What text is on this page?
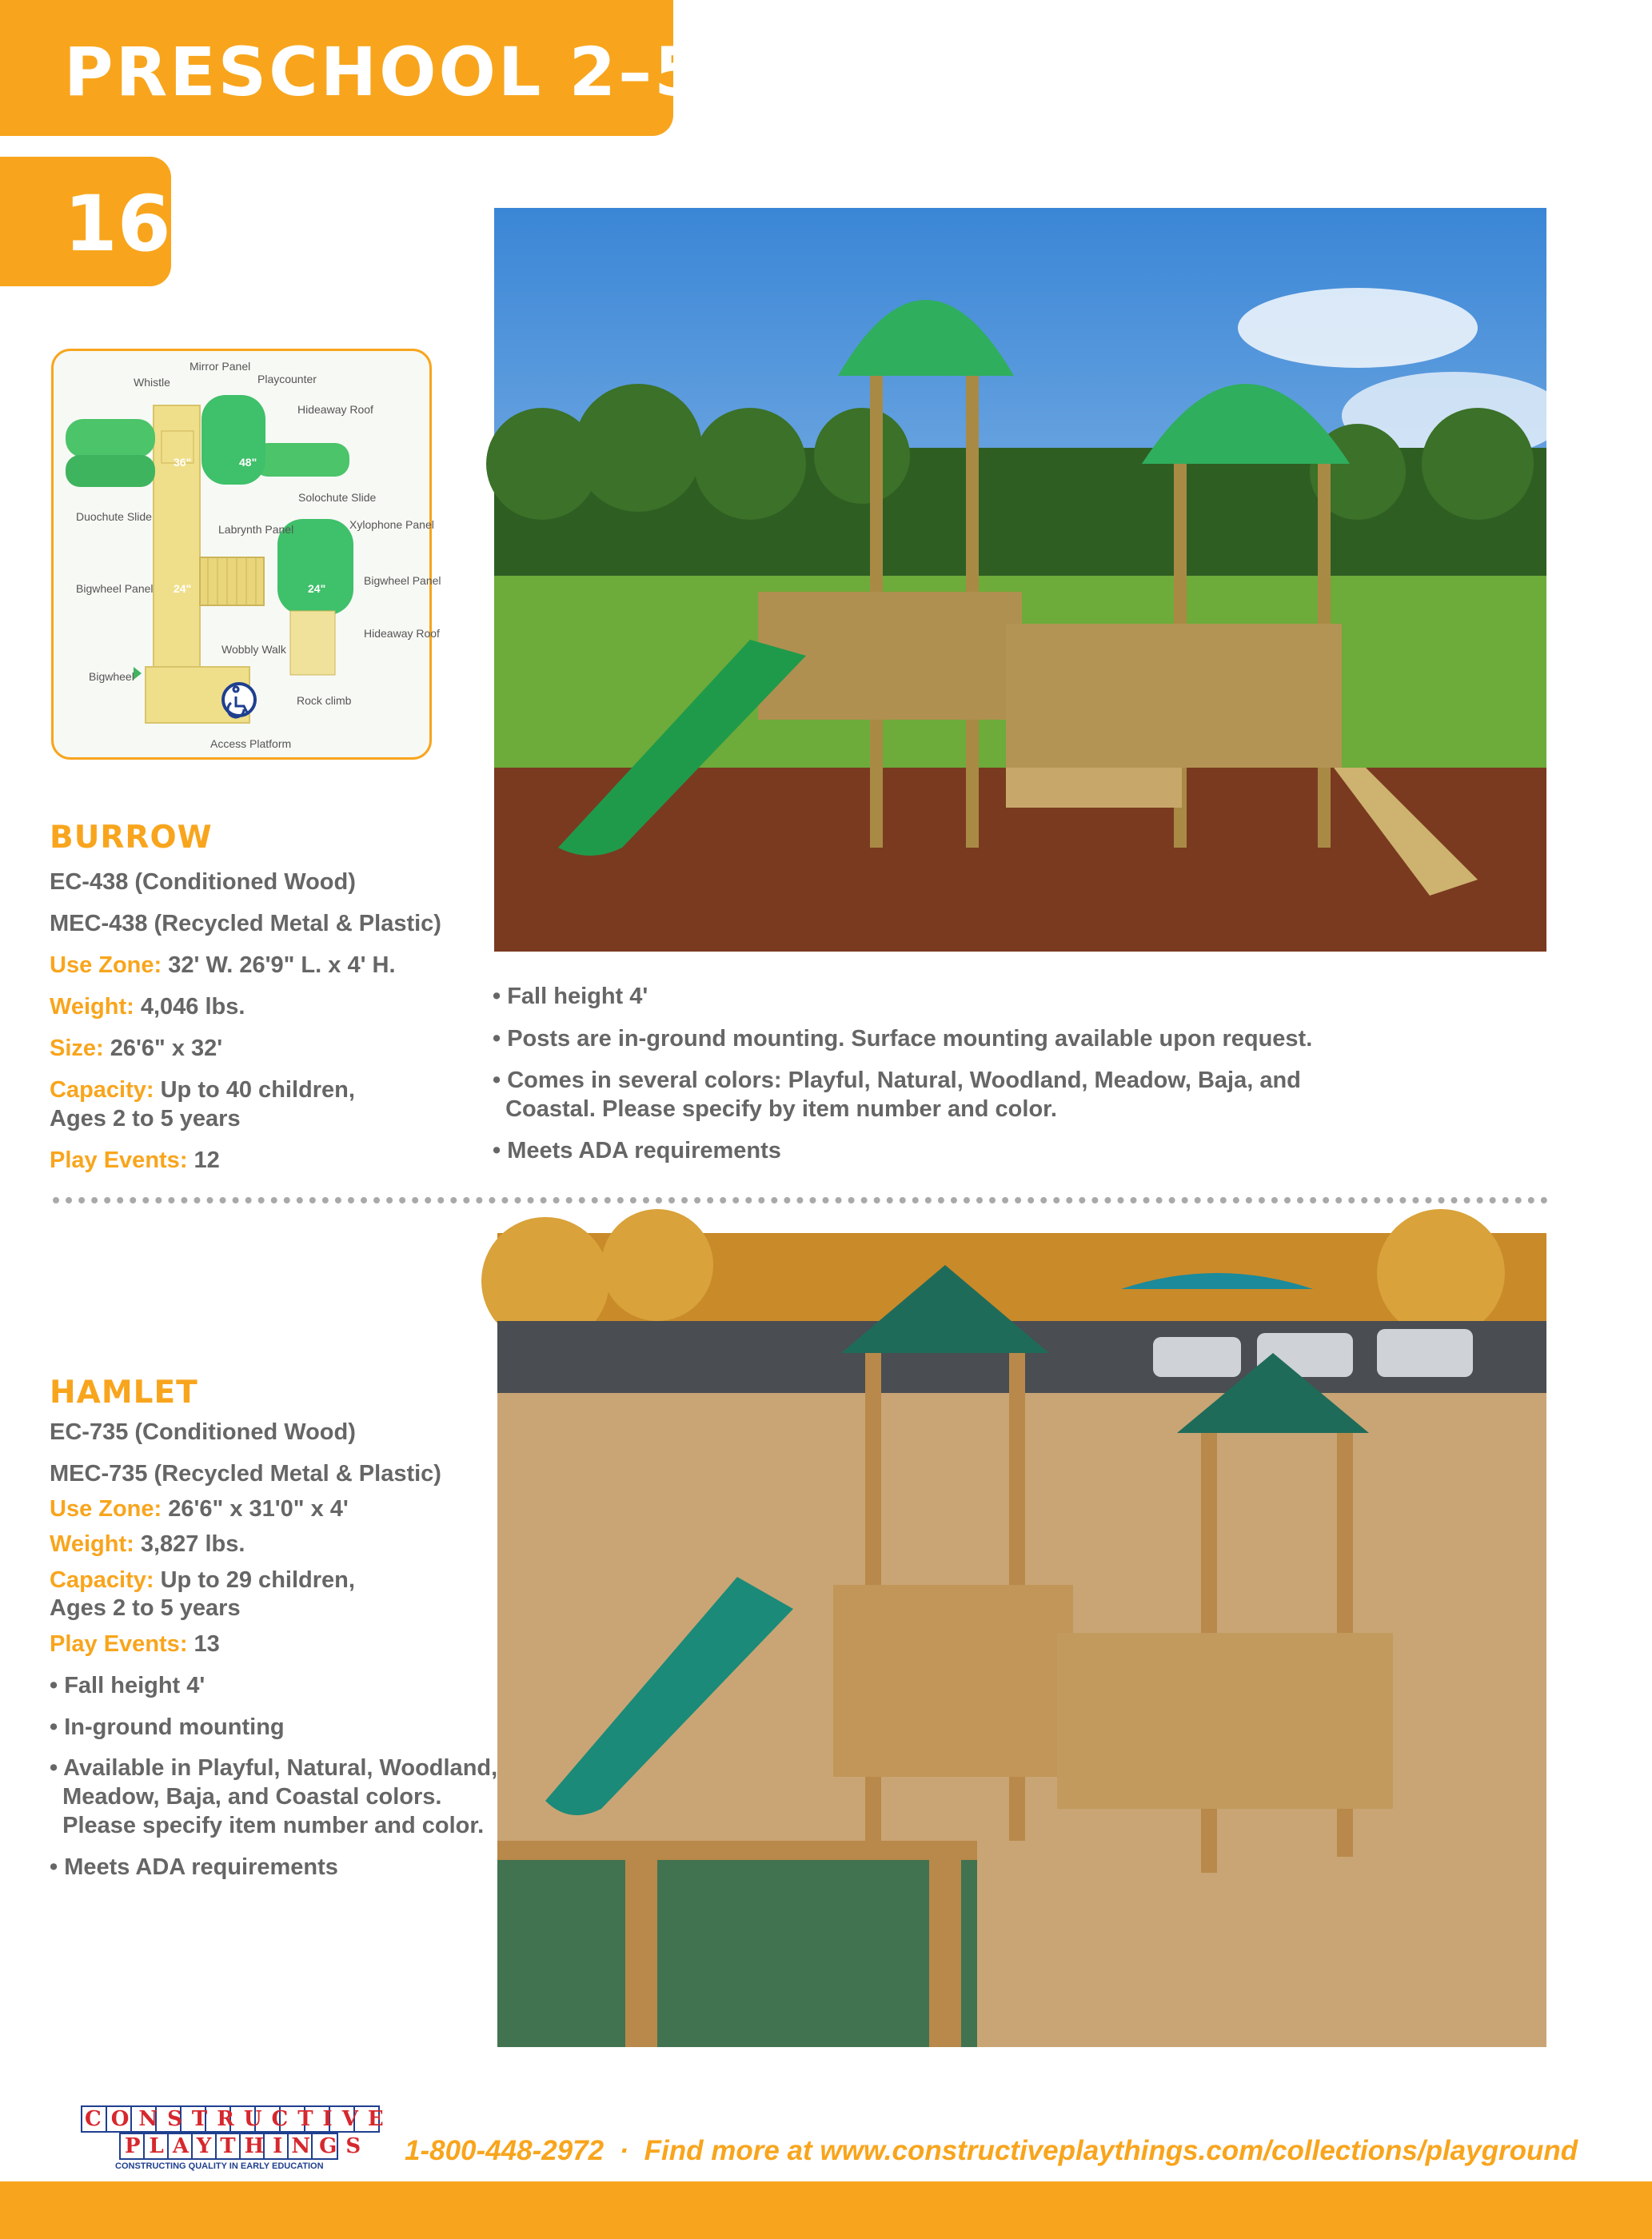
PRESCHOOL 2–5
16
Mirror Panel
Whistle	Playcounter
Hideaway Roof
36"	48"
Solochute Slide
Duochute Slide
Labrynth Panel	Xylophone Panel
Bigwheel Panel 24"	24"
Bigwheel Panel
Hideaway Roof
Wobbly Walk
Bigwheel
Rock climb
Access Platform
BURROW
EC-438 (Conditioned Wood)
MEC-438 (Recycled Metal & Plastic)
Use Zone: 32' W. 26'9" L. x 4' H.
Weight: 4,046 lbs.
Size: 26'6" x 32'
Capacity: Up to 40 children,
Ages 2 to 5 years
Play Events: 12
• Fall height 4'
• Posts are in-ground mounting. Surface mounting available upon request.
• Comes in several colors: Playful, Natural, Woodland, Meadow, Baja, and
Coastal. Please specify by item number and color.
• Meets ADA requirements
HAMLET
EC-735 (Conditioned Wood)
MEC-735 (Recycled Metal & Plastic)
Use Zone: 26'6" x 31'0" x 4'
Weight: 3,827 lbs.
Capacity: Up to 29 children,
Ages 2 to 5 years
Play Events: 13
• Fall height 4'
• In-ground mounting
• Available in Playful, Natural, Woodland,
Meadow, Baja, and Coastal colors.
Please specify item number and color.
• Meets ADA requirements
CONSTRUCTIVE
PLAYTHINGS
CONSTRUCTING QUALITY IN EARLY EDUCATION	1-800-448-2972  ·  Find more at www.constructiveplaythings.com/collections/playground
